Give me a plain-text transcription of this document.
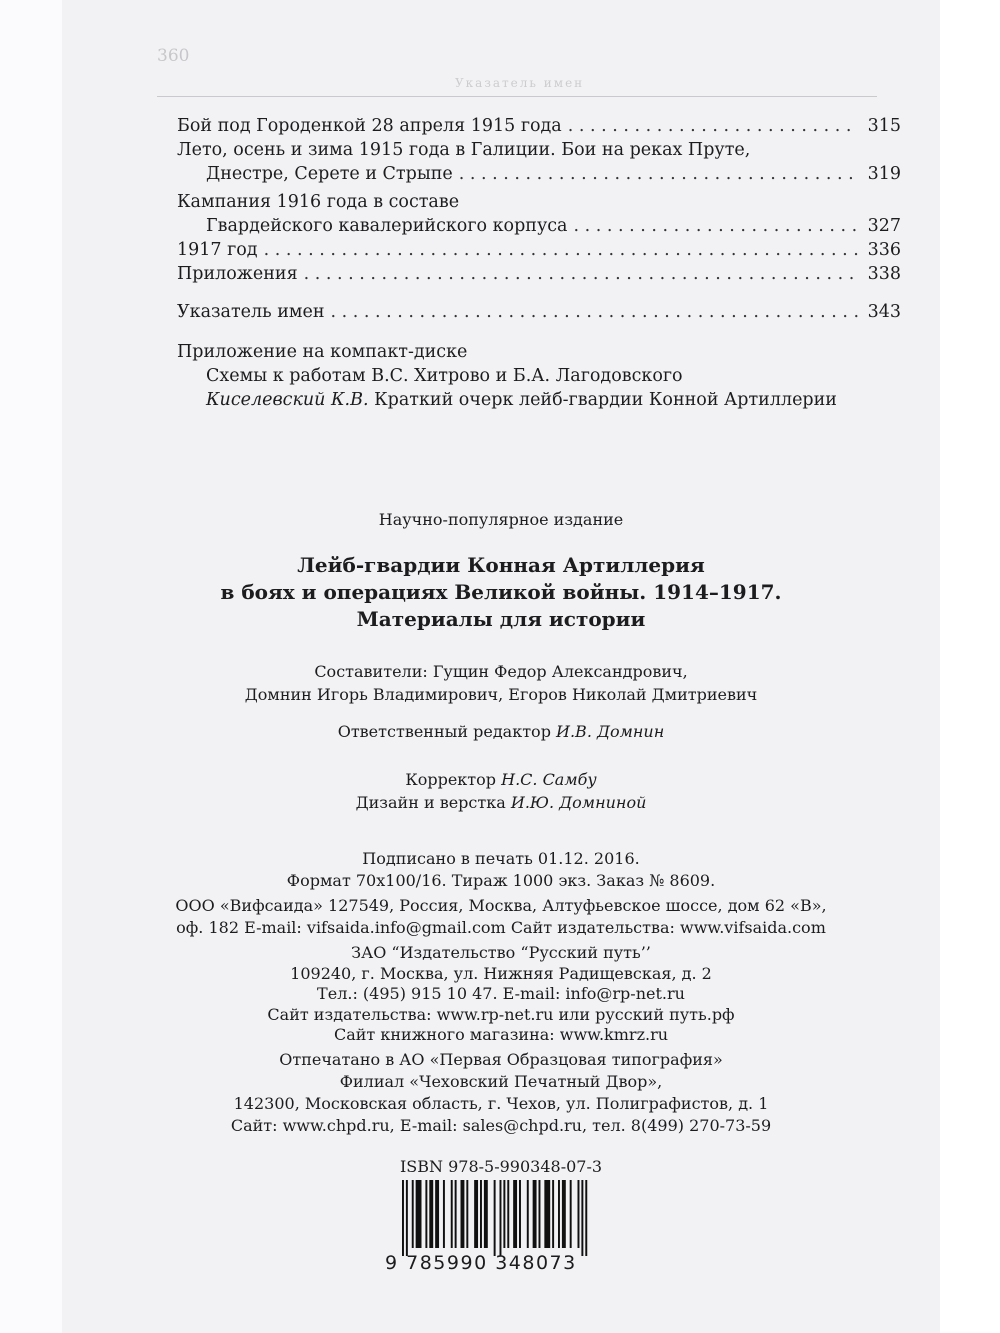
360
Указатель имен
Бой под Городенкой 28 апреля 1915 года . . .	315
Лето, осень и зима 1915 года в Галиции. Бои на реках Пруте,
Днестре, Серете и Стрыпе . . .	319
Кампания 1916 года в составе
Гвардейского кавалерийского корпуса . . .	327
1917 год . . .	336
Приложения . . .	338
Указатель имен . . .	343
Приложение на компакт-диске
Схемы к работам В.С. Хитрово и Б.А. Лагодовского
Киселевский К.В. Краткий очерк лейб-гвардии Конной Артиллерии
Научно-популярное издание
Лейб-гвардии Конная Артиллерия
в боях и операциях Великой войны. 1914–1917.
Материалы для истории
Составители: Гущин Федор Александрович,
Домнин Игорь Владимирович, Егоров Николай Дмитриевич
Ответственный редактор И.В. Домнин
Корректор Н.С. Самбу
Дизайн и верстка И.Ю. Домниной
Подписано в печать 01.12. 2016.
Формат 70х100/16. Тираж 1000 экз. Заказ № 8609.
ООО «Вифсаида» 127549, Россия, Москва, Алтуфьевское шоссе, дом 62 «В»,
оф. 182 E-mail: vifsaida.info@gmail.com Сайт издательства: www.vifsaida.com
ЗАО “Издательство “Русский путь’’
109240, г. Москва, ул. Нижняя Радищевская, д. 2
Тел.: (495) 915 10 47. E-mail: info@rp-net.ru
Сайт издательства: www.rp-net.ru или русский путь.рф
Сайт книжного магазина: www.kmrz.ru
Отпечатано в АО «Первая Образцовая типография»
Филиал «Чеховский Печатный Двор»,
142300, Московская область, г. Чехов, ул. Полиграфистов, д. 1
Сайт: www.chpd.ru, E-mail: sales@chpd.ru, тел. 8(499) 270-73-59
ISBN 978-5-990348-07-3
9 785990 348073
